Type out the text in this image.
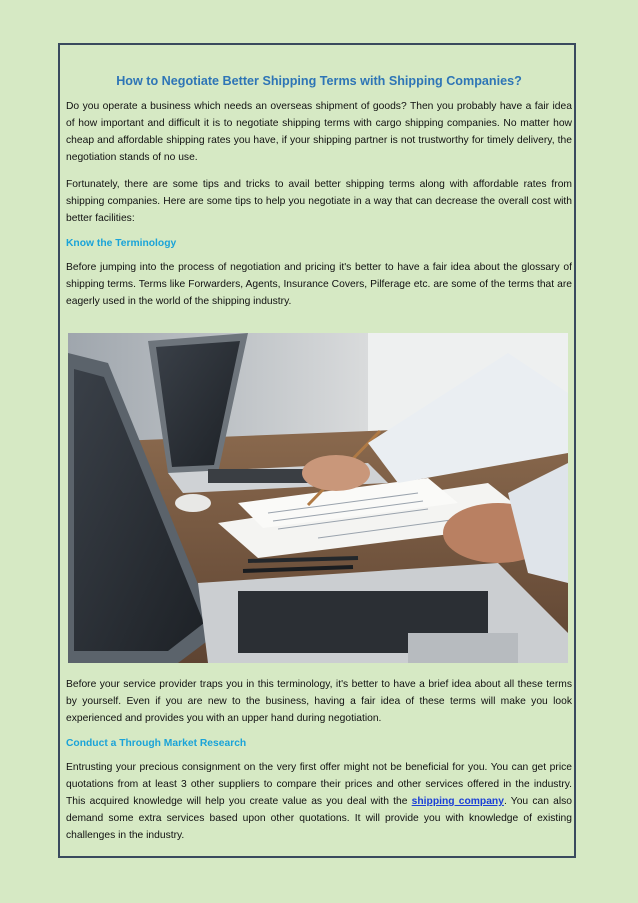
How to Negotiate Better Shipping Terms with Shipping Companies?

Do you operate a business which needs an overseas shipment of goods? Then you probably have a fair idea of how important and difficult it is to negotiate shipping terms with cargo shipping companies. No matter how cheap and affordable shipping rates you have, if your shipping partner is not trustworthy for timely delivery, the negotiation stands of no use.

Fortunately, there are some tips and tricks to avail better shipping terms along with affordable rates from shipping companies. Here are some tips to help you negotiate in a way that can decrease the overall cost with better facilities:

Know the Terminology

Before jumping into the process of negotiation and pricing it's better to have a fair idea about the glossary of shipping terms. Terms like Forwarders, Agents, Insurance Covers, Pilferage etc. are some of the terms that are eagerly used in the world of the shipping industry.

Before your service provider traps you in this terminology, it's better to have a brief idea about all these terms by yourself. Even if you are new to the business, having a fair idea of these terms will make you look experienced and provides you with an upper hand during negotiation.

Conduct a Through Market Research

Entrusting your precious consignment on the very first offer might not be beneficial for you. You can get price quotations from at least 3 other suppliers to compare their prices and other services offered in the industry. This acquired knowledge will help you create value as you deal with the shipping company. You can also demand some extra services based upon other quotations. It will provide you with knowledge of existing challenges in the industry.
